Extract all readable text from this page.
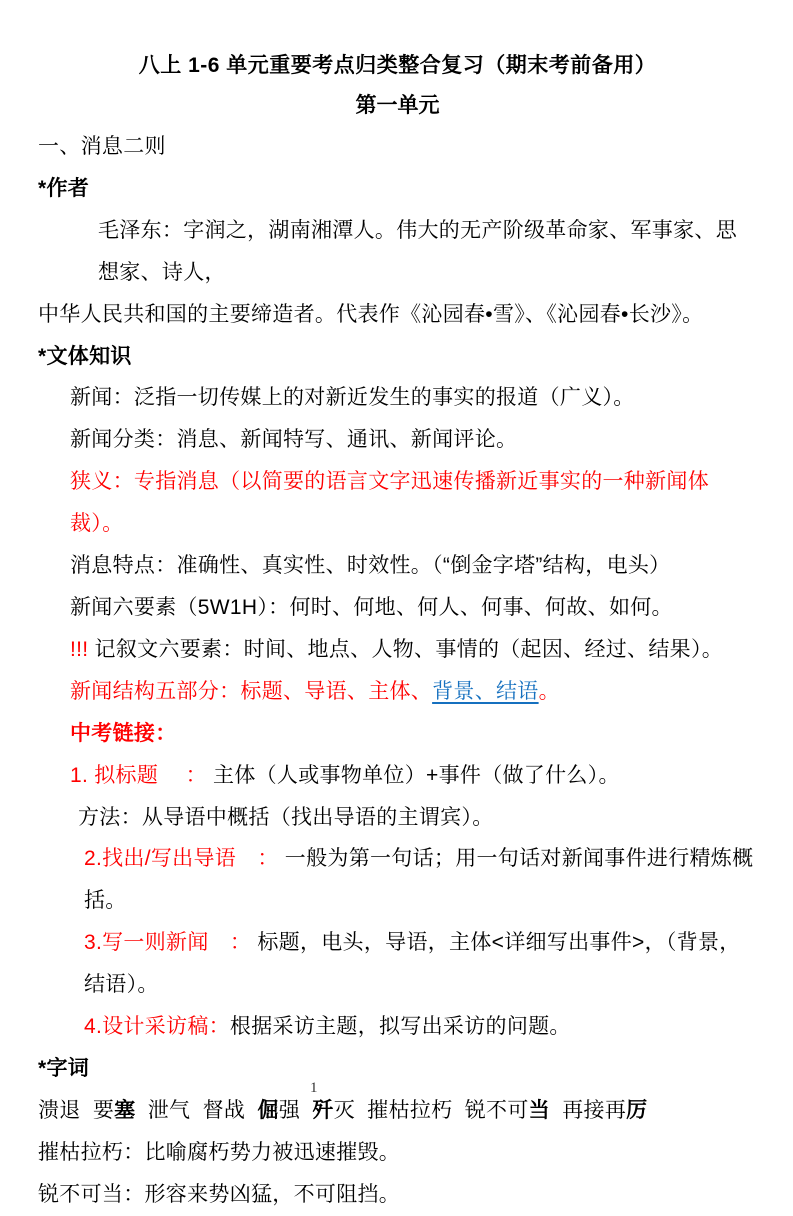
八上 1-6 单元重要考点归类整合复习（期末考前备用）
第一单元
一、消息二则
*作者
毛泽东：字润之，湖南湘潭人。伟大的无产阶级革命家、军事家、思想家、诗人，
中华人民共和国的主要缔造者。代表作《沁园春•雪》、《沁园春•长沙》。
*文体知识
新闻：泛指一切传媒上的对新近发生的事实的报道（广义）。
新闻分类：消息、新闻特写、通讯、新闻评论。
狭义：专指消息（以简要的语言文字迅速传播新近事实的一种新闻体裁）。
消息特点：准确性、真实性、时效性。（“倒金字塔”结构，电头）
新闻六要素（5W1H）：何时、何地、何人、何事、何故、如何。
!!! 记叙文六要素：时间、地点、人物、事情的（起因、经过、结果）。
新闻结构五部分：标题、导语、主体、背景、结语。
中考链接：
1. 拟标题　 ： 主体（人或事物单位）+事件（做了什么）。
方法：从导语中概括（找出导语的主谓宾）。
2.找出/写出导语　： 一般为第一句话；用一句话对新闻事件进行精炼概括。
3.写一则新闻　： 标题，电头，导语，主体<详细写出事件>，（背景，结语）。
4.设计采访稿：根据采访主题，拟写出采访的问题。
*字词
溃退  要塞  泄气  督战  倔强  歼灭  摧枯拉朽  锐不可当  再接再厉
摧枯拉朽：比喻腐朽势力被迅速摧毁。
锐不可当：形容来势凶猛，不可阻挡。
1
